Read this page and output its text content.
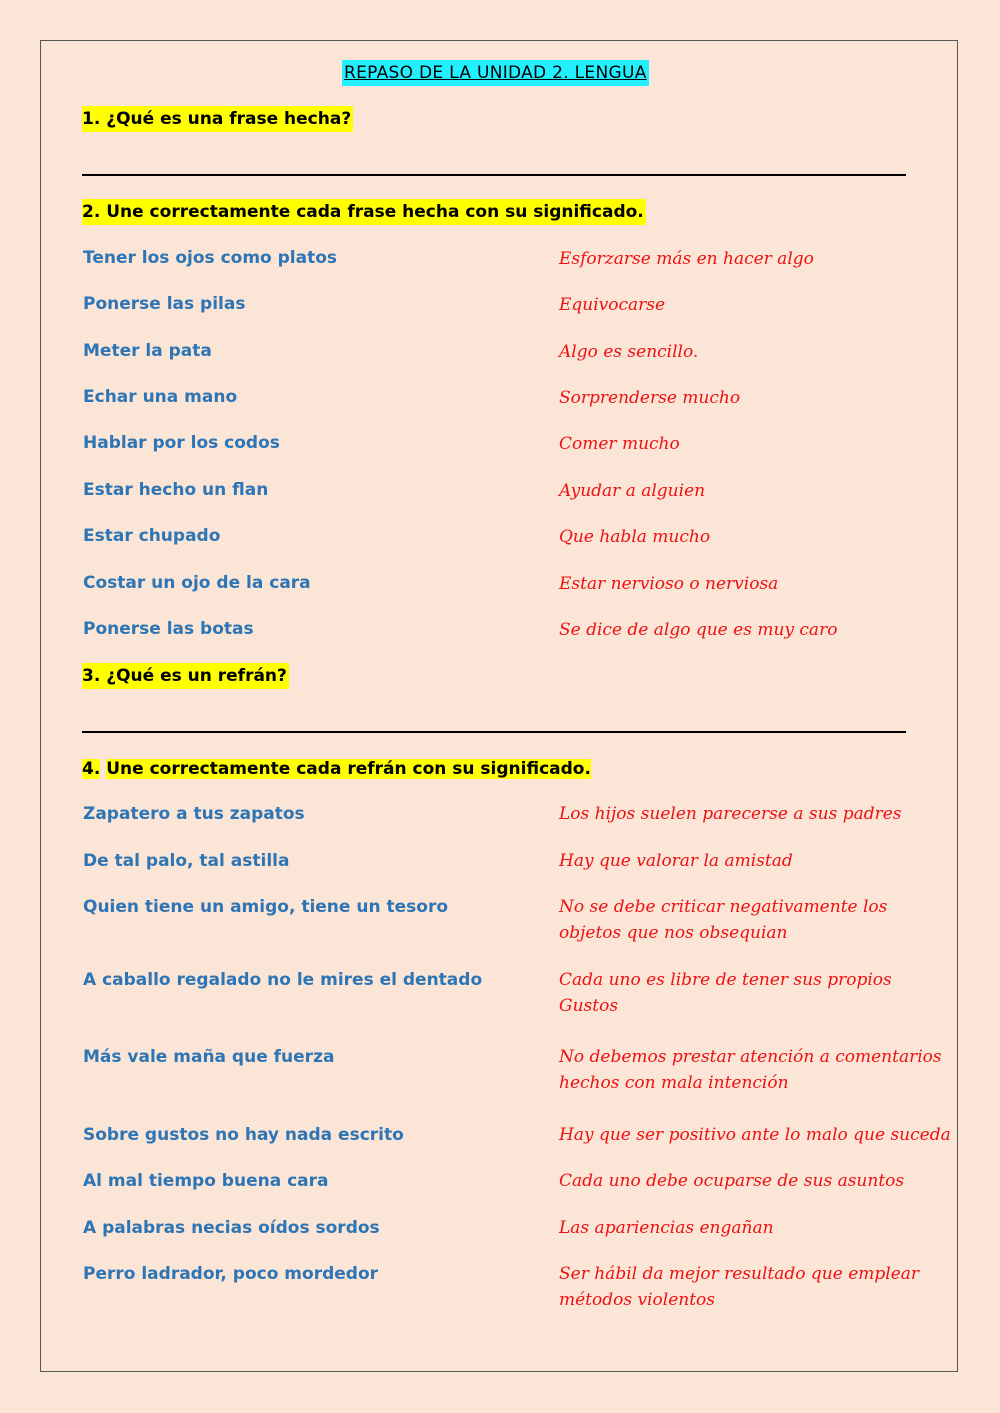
REPASO DE LA UNIDAD 2. LENGUA
1. ¿Qué es una frase hecha?
2. Une correctamente cada frase hecha con su significado.
Tener los ojos como platos	Esforzarse más en hacer algo
Ponerse las pilas	Equivocarse
Meter la pata	Algo es sencillo.
Echar una mano	Sorprenderse mucho
Hablar por los codos	Comer mucho
Estar hecho un flan	Ayudar a alguien
Estar chupado	Que habla mucho
Costar un ojo de la cara	Estar nervioso o nerviosa
Ponerse las botas	Se dice de algo que es muy caro
3. ¿Qué es un refrán?
4. Une correctamente cada refrán con su significado.
Zapatero a tus zapatos	Los hijos suelen parecerse a sus padres
De tal palo, tal astilla	Hay que valorar la amistad
Quien tiene un amigo, tiene un tesoro	No se debe criticar negativamente los
objetos que nos obsequian
A caballo regalado no le mires el dentado	Cada uno es libre de tener sus propios
Gustos
Más vale maña que fuerza	No debemos prestar atención a comentarios
hechos con mala intención
Sobre gustos no hay nada escrito	Hay que ser positivo ante lo malo que suceda
Al mal tiempo buena cara	Cada uno debe ocuparse de sus asuntos
A palabras necias oídos sordos	Las apariencias engañan
Perro ladrador, poco mordedor	Ser hábil da mejor resultado que emplear
métodos violentos
